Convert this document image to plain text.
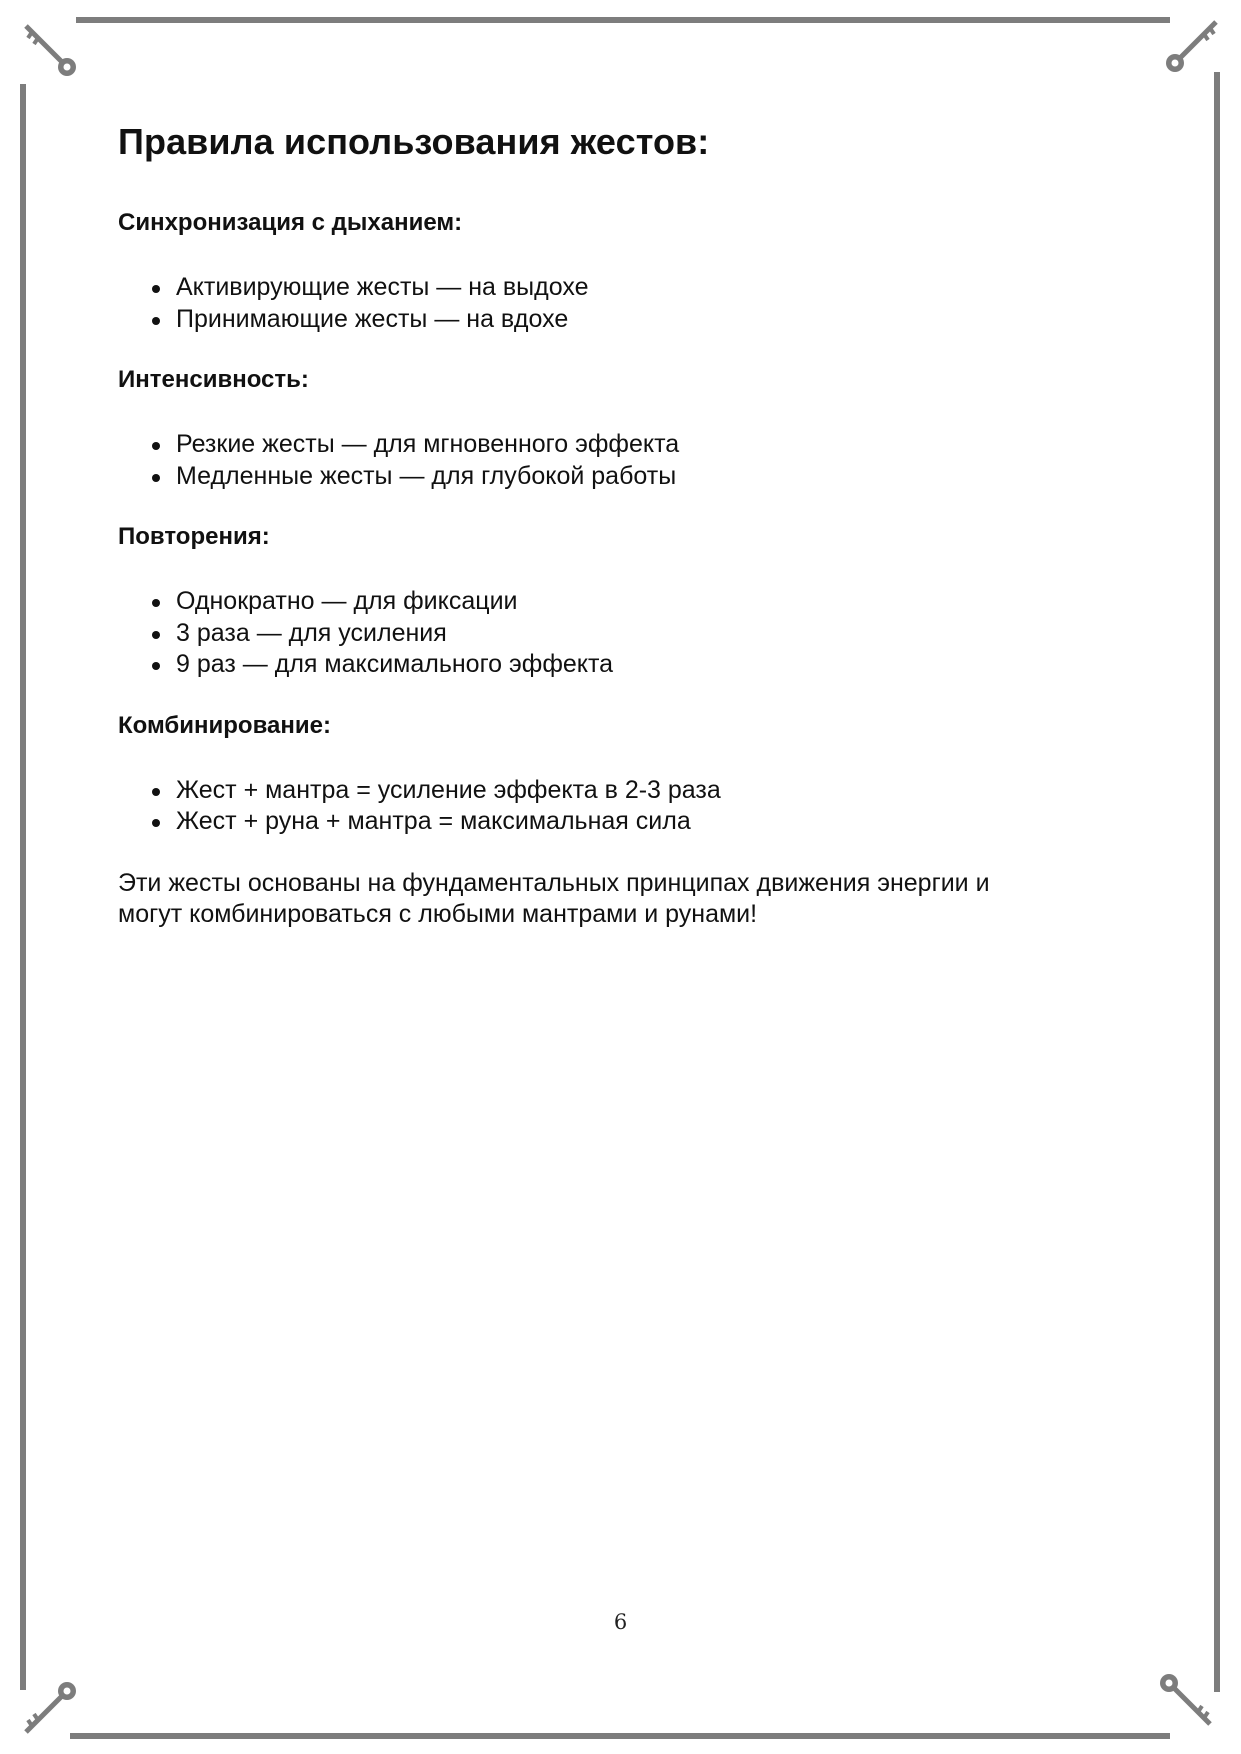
Правила использования жестов:
Синхронизация с дыханием:
Активирующие жесты — на выдохе
Принимающие жесты — на вдохе
Интенсивность:
Резкие жесты — для мгновенного эффекта
Медленные жесты — для глубокой работы
Повторения:
Однократно — для фиксации
3 раза — для усиления
9 раз — для максимального эффекта
Комбинирование:
Жест + мантра = усиление эффекта в 2-3 раза
Жест + руна + мантра = максимальная сила

Эти жесты основаны на фундаментальных принципах движения энергии и
могут комбинироваться с любыми мантрами и рунами!

6
